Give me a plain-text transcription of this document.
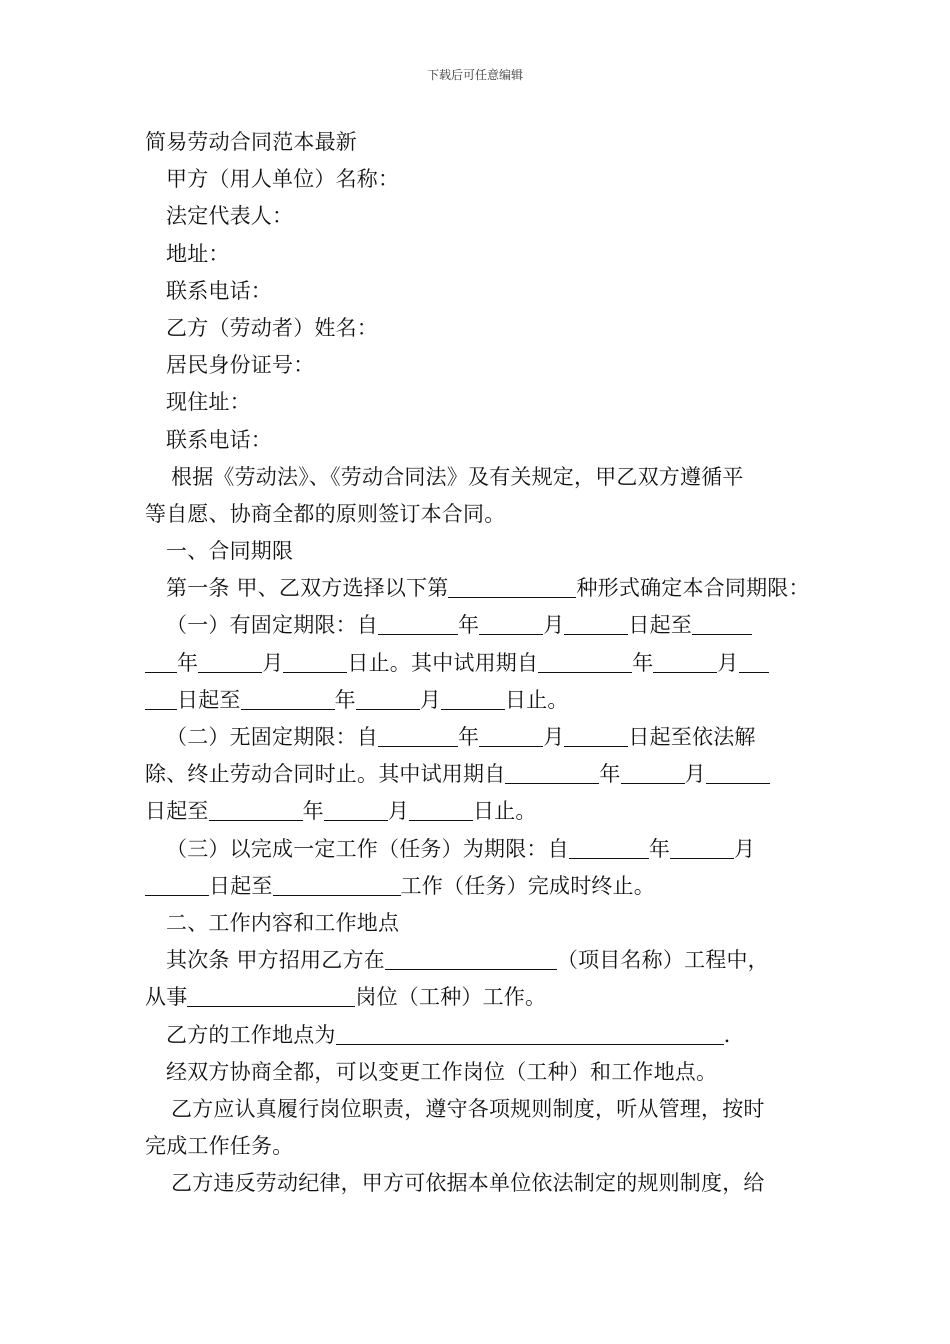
下载后可任意编辑
简易劳动合同范本最新
甲方（用人单位）名称：
法定代表人：
地址：
联系电话：
乙方（劳动者）姓名：
居民身份证号：
现住址：
联系电话：
根据《劳动法》、《劳动合同法》及有关规定，甲乙双方遵循平
等自愿、协商全都的原则签订本合同。
一、合同期限
第一条 甲、乙双方选择以下第	种形式确定本合同期限：
（一）有固定期限：自	年	月	日起至
年	月	日止。其中试用期自	年	月
日起至	年	月	日止。
（二）无固定期限：自	年	月	日起至依法解
除、终止劳动合同时止。其中试用期自	年	月
日起至	年	月	日止。
（三）以完成一定工作（任务）为期限：自	年	月
日起至	工作（任务）完成时终止。
二、工作内容和工作地点
其次条 甲方招用乙方在	（项目名称）工程中，
从事	岗位（工种）工作。
乙方的工作地点为	.
经双方协商全都，可以变更工作岗位（工种）和工作地点。
乙方应认真履行岗位职责，遵守各项规则制度，听从管理，按时
完成工作任务。
乙方违反劳动纪律，甲方可依据本单位依法制定的规则制度，给
